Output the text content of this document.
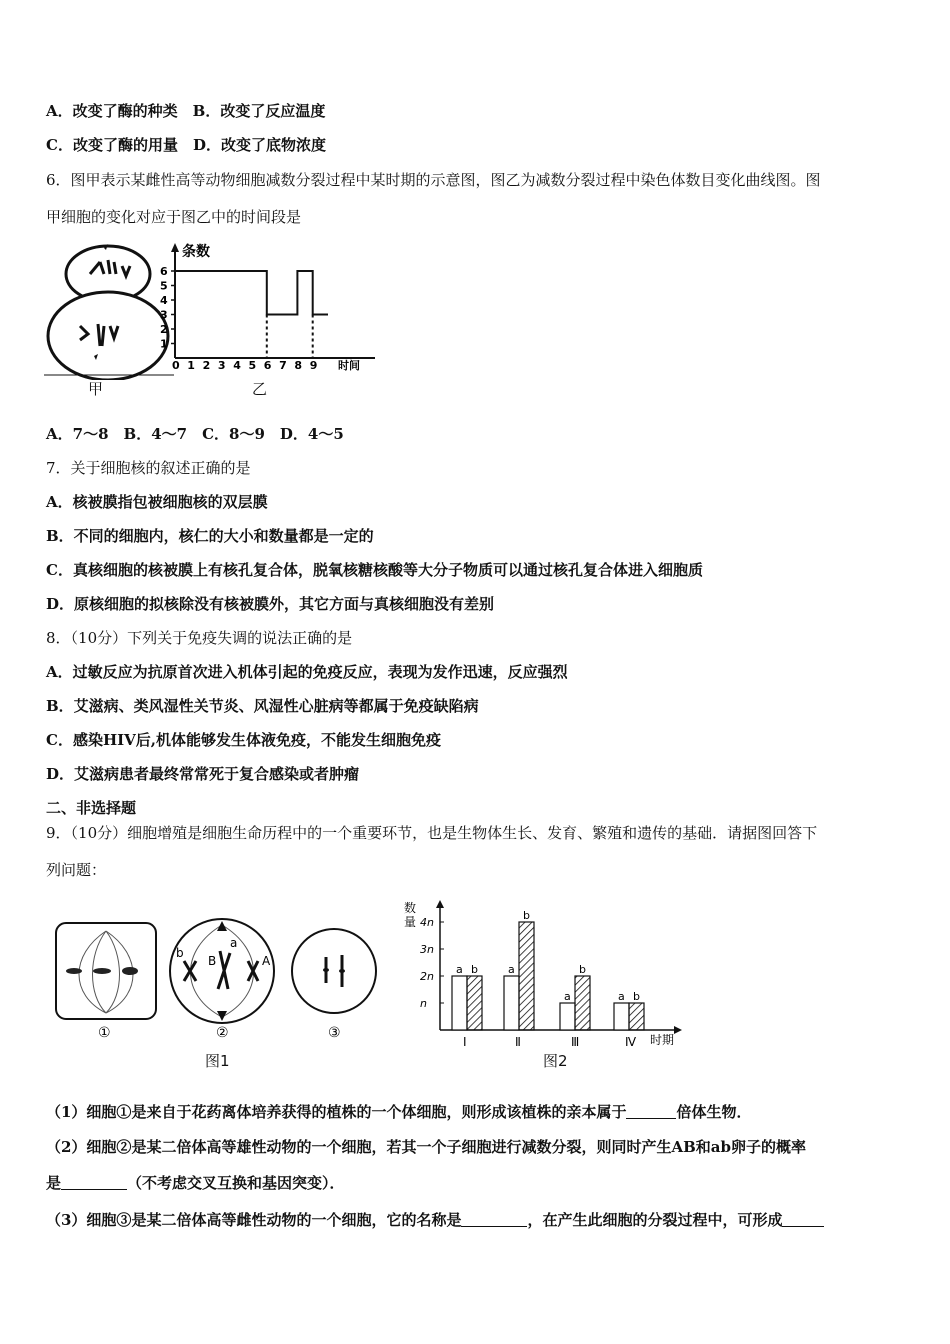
A．改变了酶的种类　B．改变了反应温度
C．改变了酶的用量　D．改变了底物浓度
6．图甲表示某雌性高等动物细胞减数分裂过程中某时期的示意图，图乙为减数分裂过程中染色体数目变化曲线图。图
甲细胞的变化对应于图乙中的时间段是
甲
条数
时间
1
2
3
4
5
6
0 1 2 3 4 5 6 7 8 9
乙
A．7～8　B．4～7　C．8～9　D．4～5
7．关于细胞核的叙述正确的是
A．核被膜指包被细胞核的双层膜
B．不同的细胞内，核仁的大小和数量都是一定的
C．真核细胞的核被膜上有核孔复合体，脱氧核糖核酸等大分子物质可以通过核孔复合体进入细胞质
D．原核细胞的拟核除没有核被膜外，其它方面与真核细胞没有差别
8．（10分）下列关于免疫失调的说法正确的是
A．过敏反应为抗原首次进入机体引起的免疫反应，表现为发作迅速，反应强烈
B．艾滋病、类风湿性关节炎、风湿性心脏病等都属于免疫缺陷病
C．感染HIV后,机体能够发生体液免疫，不能发生细胞免疫
D．艾滋病患者最终常常死于复合感染或者肿瘤
二、非选择题
9．（10分）细胞增殖是细胞生命历程中的一个重要环节，也是生物体生长、发育、繁殖和遗传的基础．请据图回答下
列问题：
①
b
B
a
A
②	③
图1
数
量
时期
n
2n
3n
4n
a b	a
b
a
b
a b
Ⅰ	Ⅱ	Ⅲ	Ⅳ
图2
（1）细胞①是来自于花药离体培养获得的植株的一个体细胞，则形成该植株的亲本属于	倍体生物．
（2）细胞②是某二倍体高等雄性动物的一个细胞，若其一个子细胞进行减数分裂，则同时产生AB和ab卵子的概率
是	（不考虑交叉互换和基因突变）．
（3）细胞③是某二倍体高等雌性动物的一个细胞，它的名称是	，在产生此细胞的分裂过程中，可形成
